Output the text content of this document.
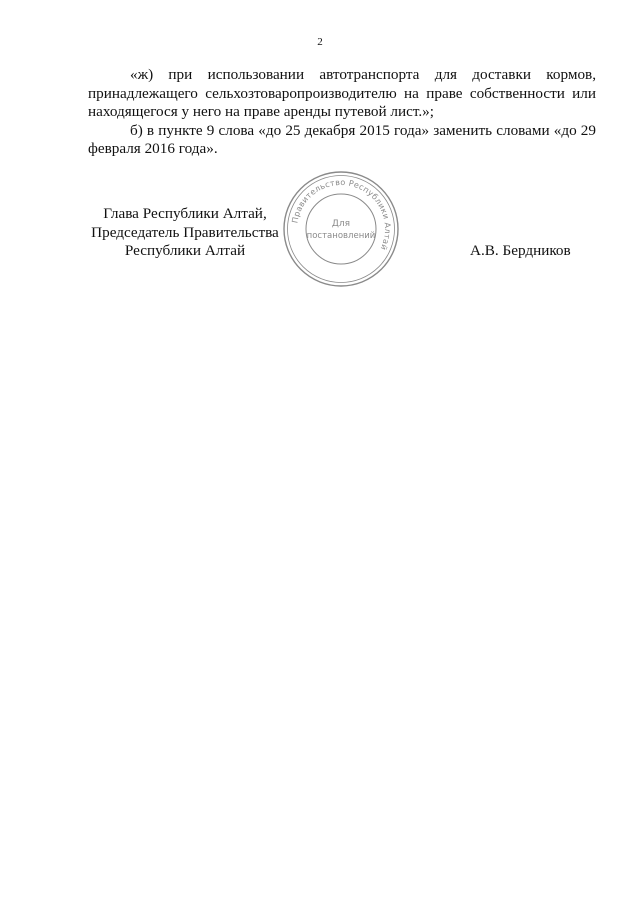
2

«ж) при использовании автотранспорта для доставки кормов, принадлежащего сельхозтоваропроизводителю на праве собственности или находящегося у него на праве аренды путевой лист.»;

б) в пункте 9 слова «до 25 декабря 2015 года» заменить словами «до 29 февраля 2016 года».

Глава Республики Алтай,
Председатель Правительства
Республики Алтай
Правительство Республики Алтай
Для
постановлений
А.В. Бердников
